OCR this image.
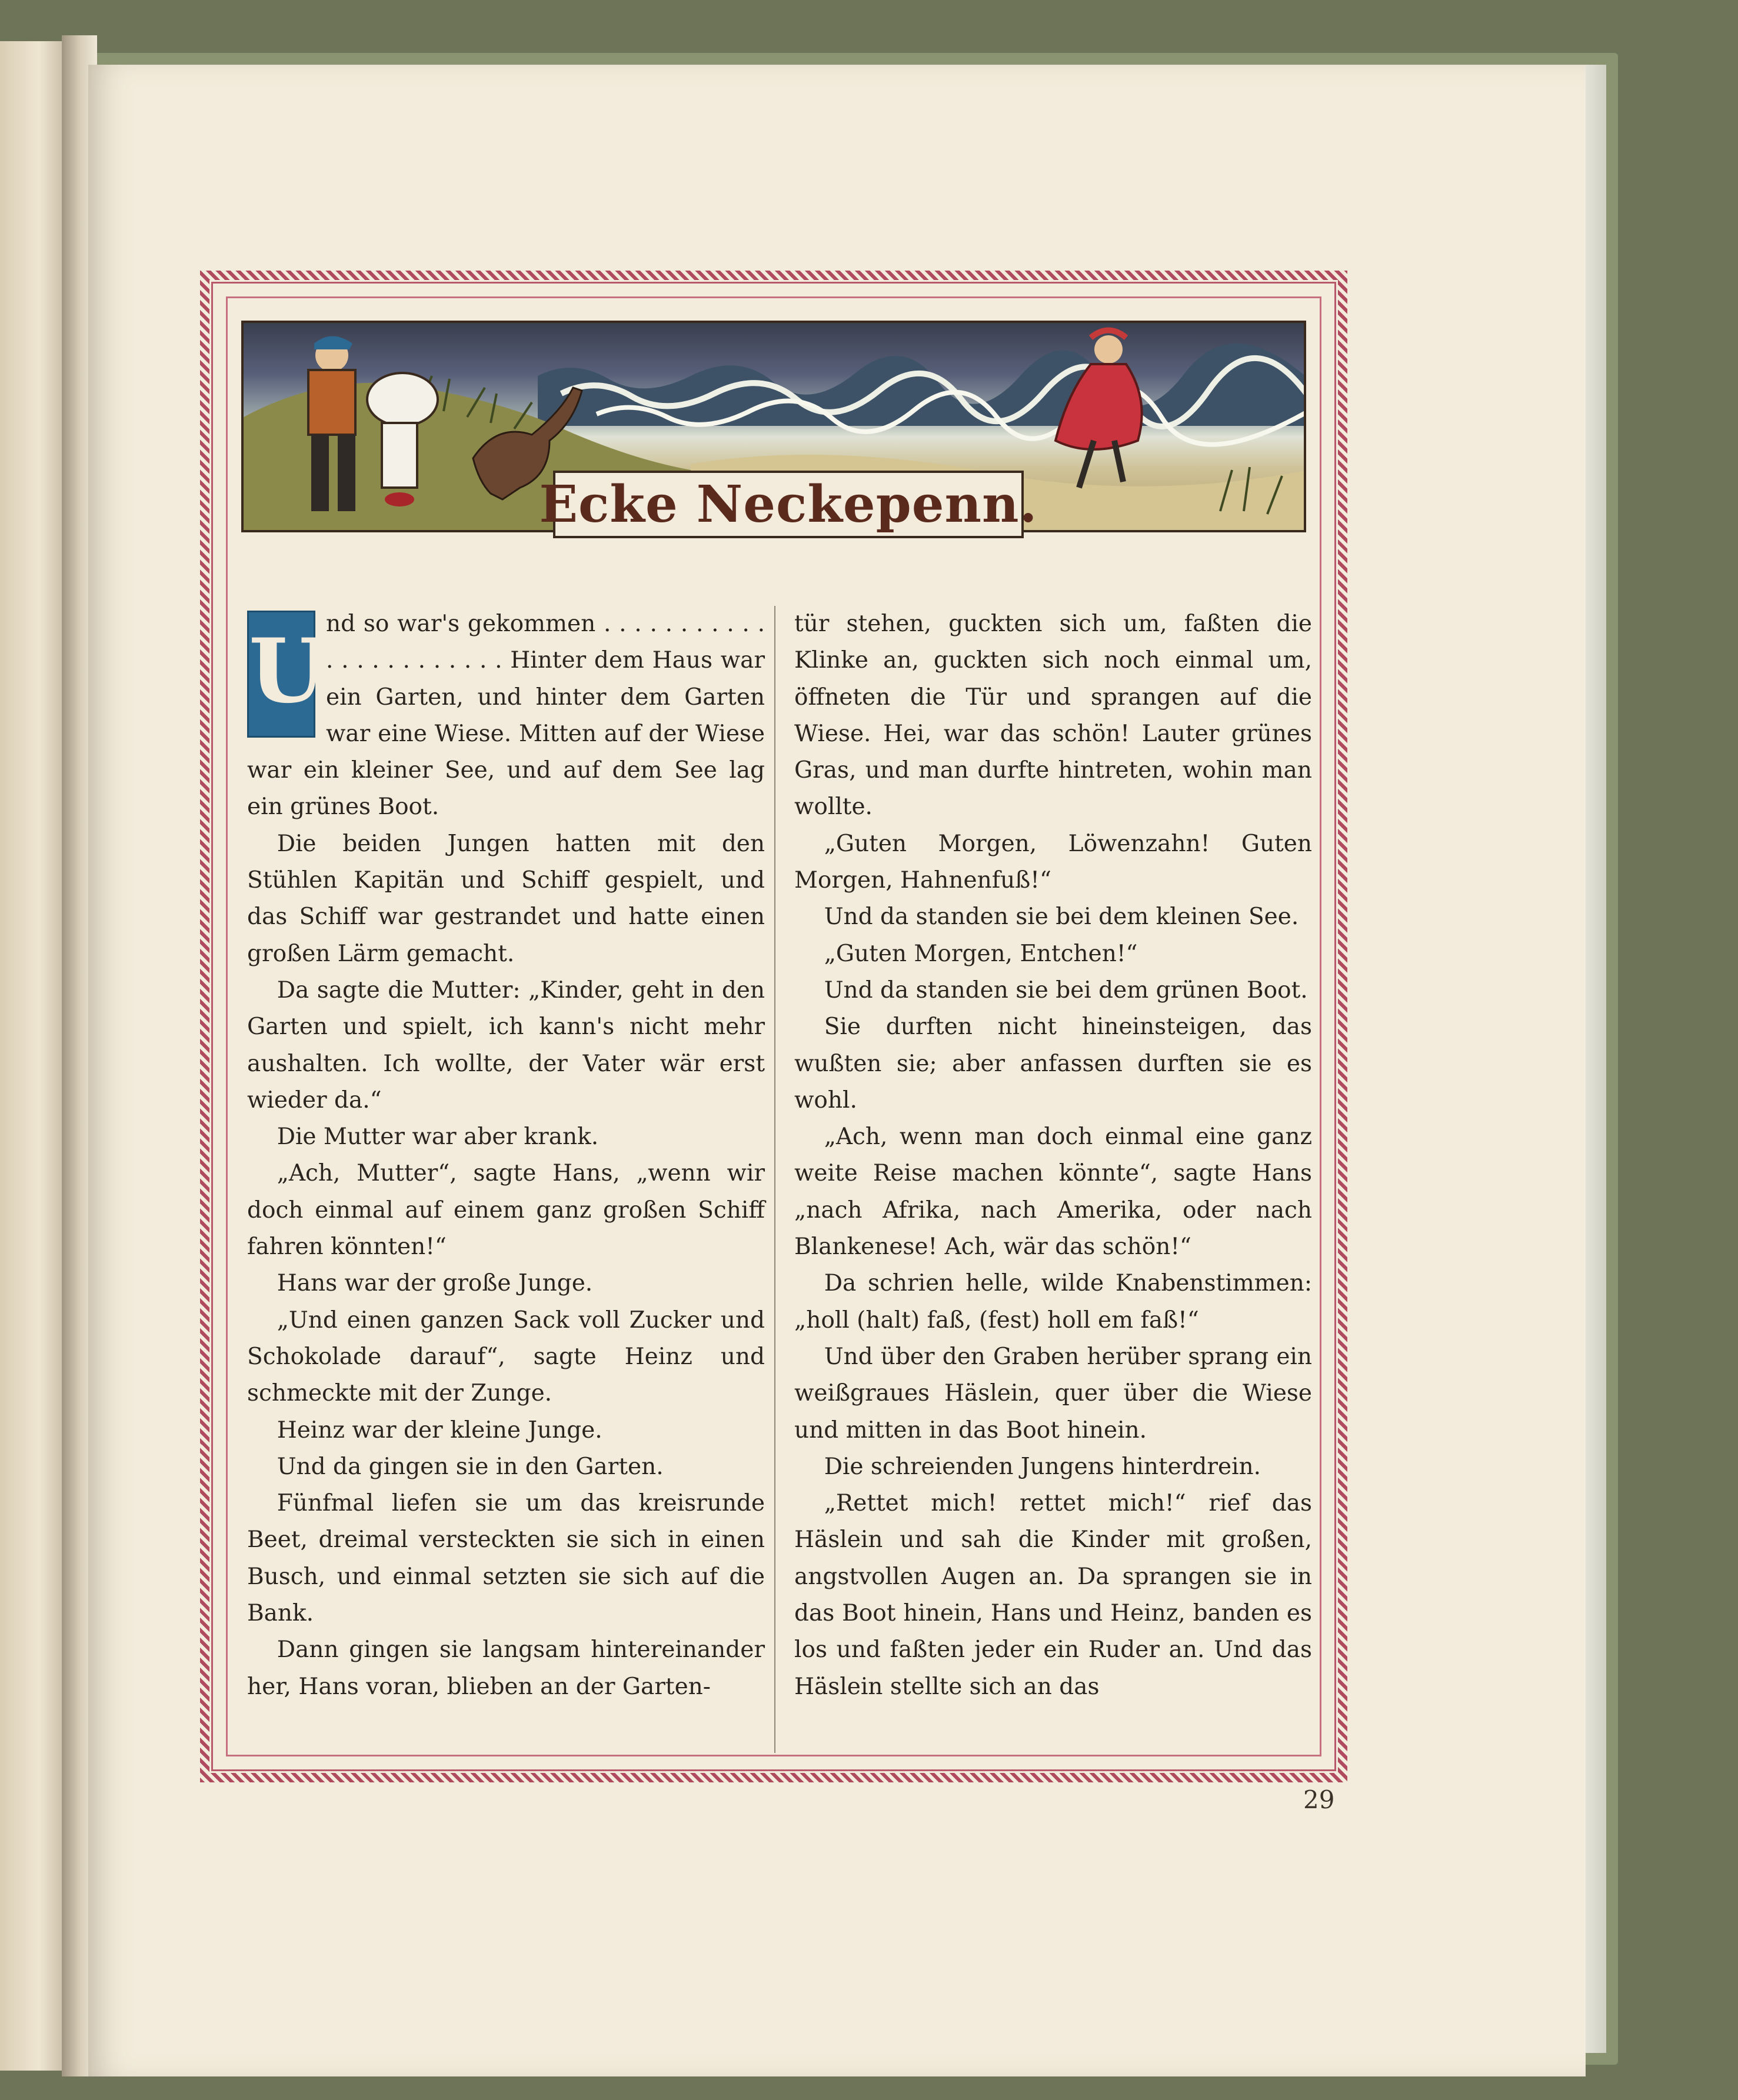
Ecke Neckepenn.
U nd so war's gekommen . . . . . . . . . . . . . . . . . . . . . . . Hinter dem Haus war ein Garten, und hinter dem Garten war eine Wiese. Mitten auf der Wiese war ein kleiner See, und auf dem See lag ein grünes Boot.

Die beiden Jungen hatten mit den Stühlen Kapitän und Schiff gespielt, und das Schiff war gestrandet und hatte einen großen Lärm gemacht.

Da sagte die Mutter: „Kinder, geht in den Garten und spielt, ich kann's nicht mehr aushalten. Ich wollte, der Vater wär erst wieder da.“

Die Mutter war aber krank.

„Ach, Mutter“, sagte Hans, „wenn wir doch einmal auf einem ganz großen Schiff fahren könnten!“

Hans war der große Junge.

„Und einen ganzen Sack voll Zucker und Schokolade darauf“, sagte Heinz und schmeckte mit der Zunge.

Heinz war der kleine Junge.

Und da gingen sie in den Garten.

Fünfmal liefen sie um das kreisrunde Beet, dreimal versteckten sie sich in einen Busch, und einmal setzten sie sich auf die Bank.

Dann gingen sie langsam hintereinander her, Hans voran, blieben an der Garten-

tür stehen, guckten sich um, faßten die Klinke an, guckten sich noch einmal um, öffneten die Tür und sprangen auf die Wiese. Hei, war das schön! Lauter grünes Gras, und man durfte hintreten, wohin man wollte.

„Guten Morgen, Löwenzahn! Guten Morgen, Hahnenfuß!“

Und da standen sie bei dem kleinen See.

„Guten Morgen, Entchen!“

Und da standen sie bei dem grünen Boot.

Sie durften nicht hineinsteigen, das wußten sie; aber anfassen durften sie es wohl.

„Ach, wenn man doch einmal eine ganz weite Reise machen könnte“, sagte Hans „nach Afrika, nach Amerika, oder nach Blankenese! Ach, wär das schön!“

Da schrien helle, wilde Knabenstimmen: „holl (halt) faß, (fest) holl em faß!“

Und über den Graben herüber sprang ein weißgraues Häslein, quer über die Wiese und mitten in das Boot hinein.

Die schreienden Jungens hinterdrein.

„Rettet mich! rettet mich!“ rief das Häslein und sah die Kinder mit großen, angstvollen Augen an. Da sprangen sie in das Boot hinein, Hans und Heinz, banden es los und faßten jeder ein Ruder an. Und das Häslein stellte sich an das

29
